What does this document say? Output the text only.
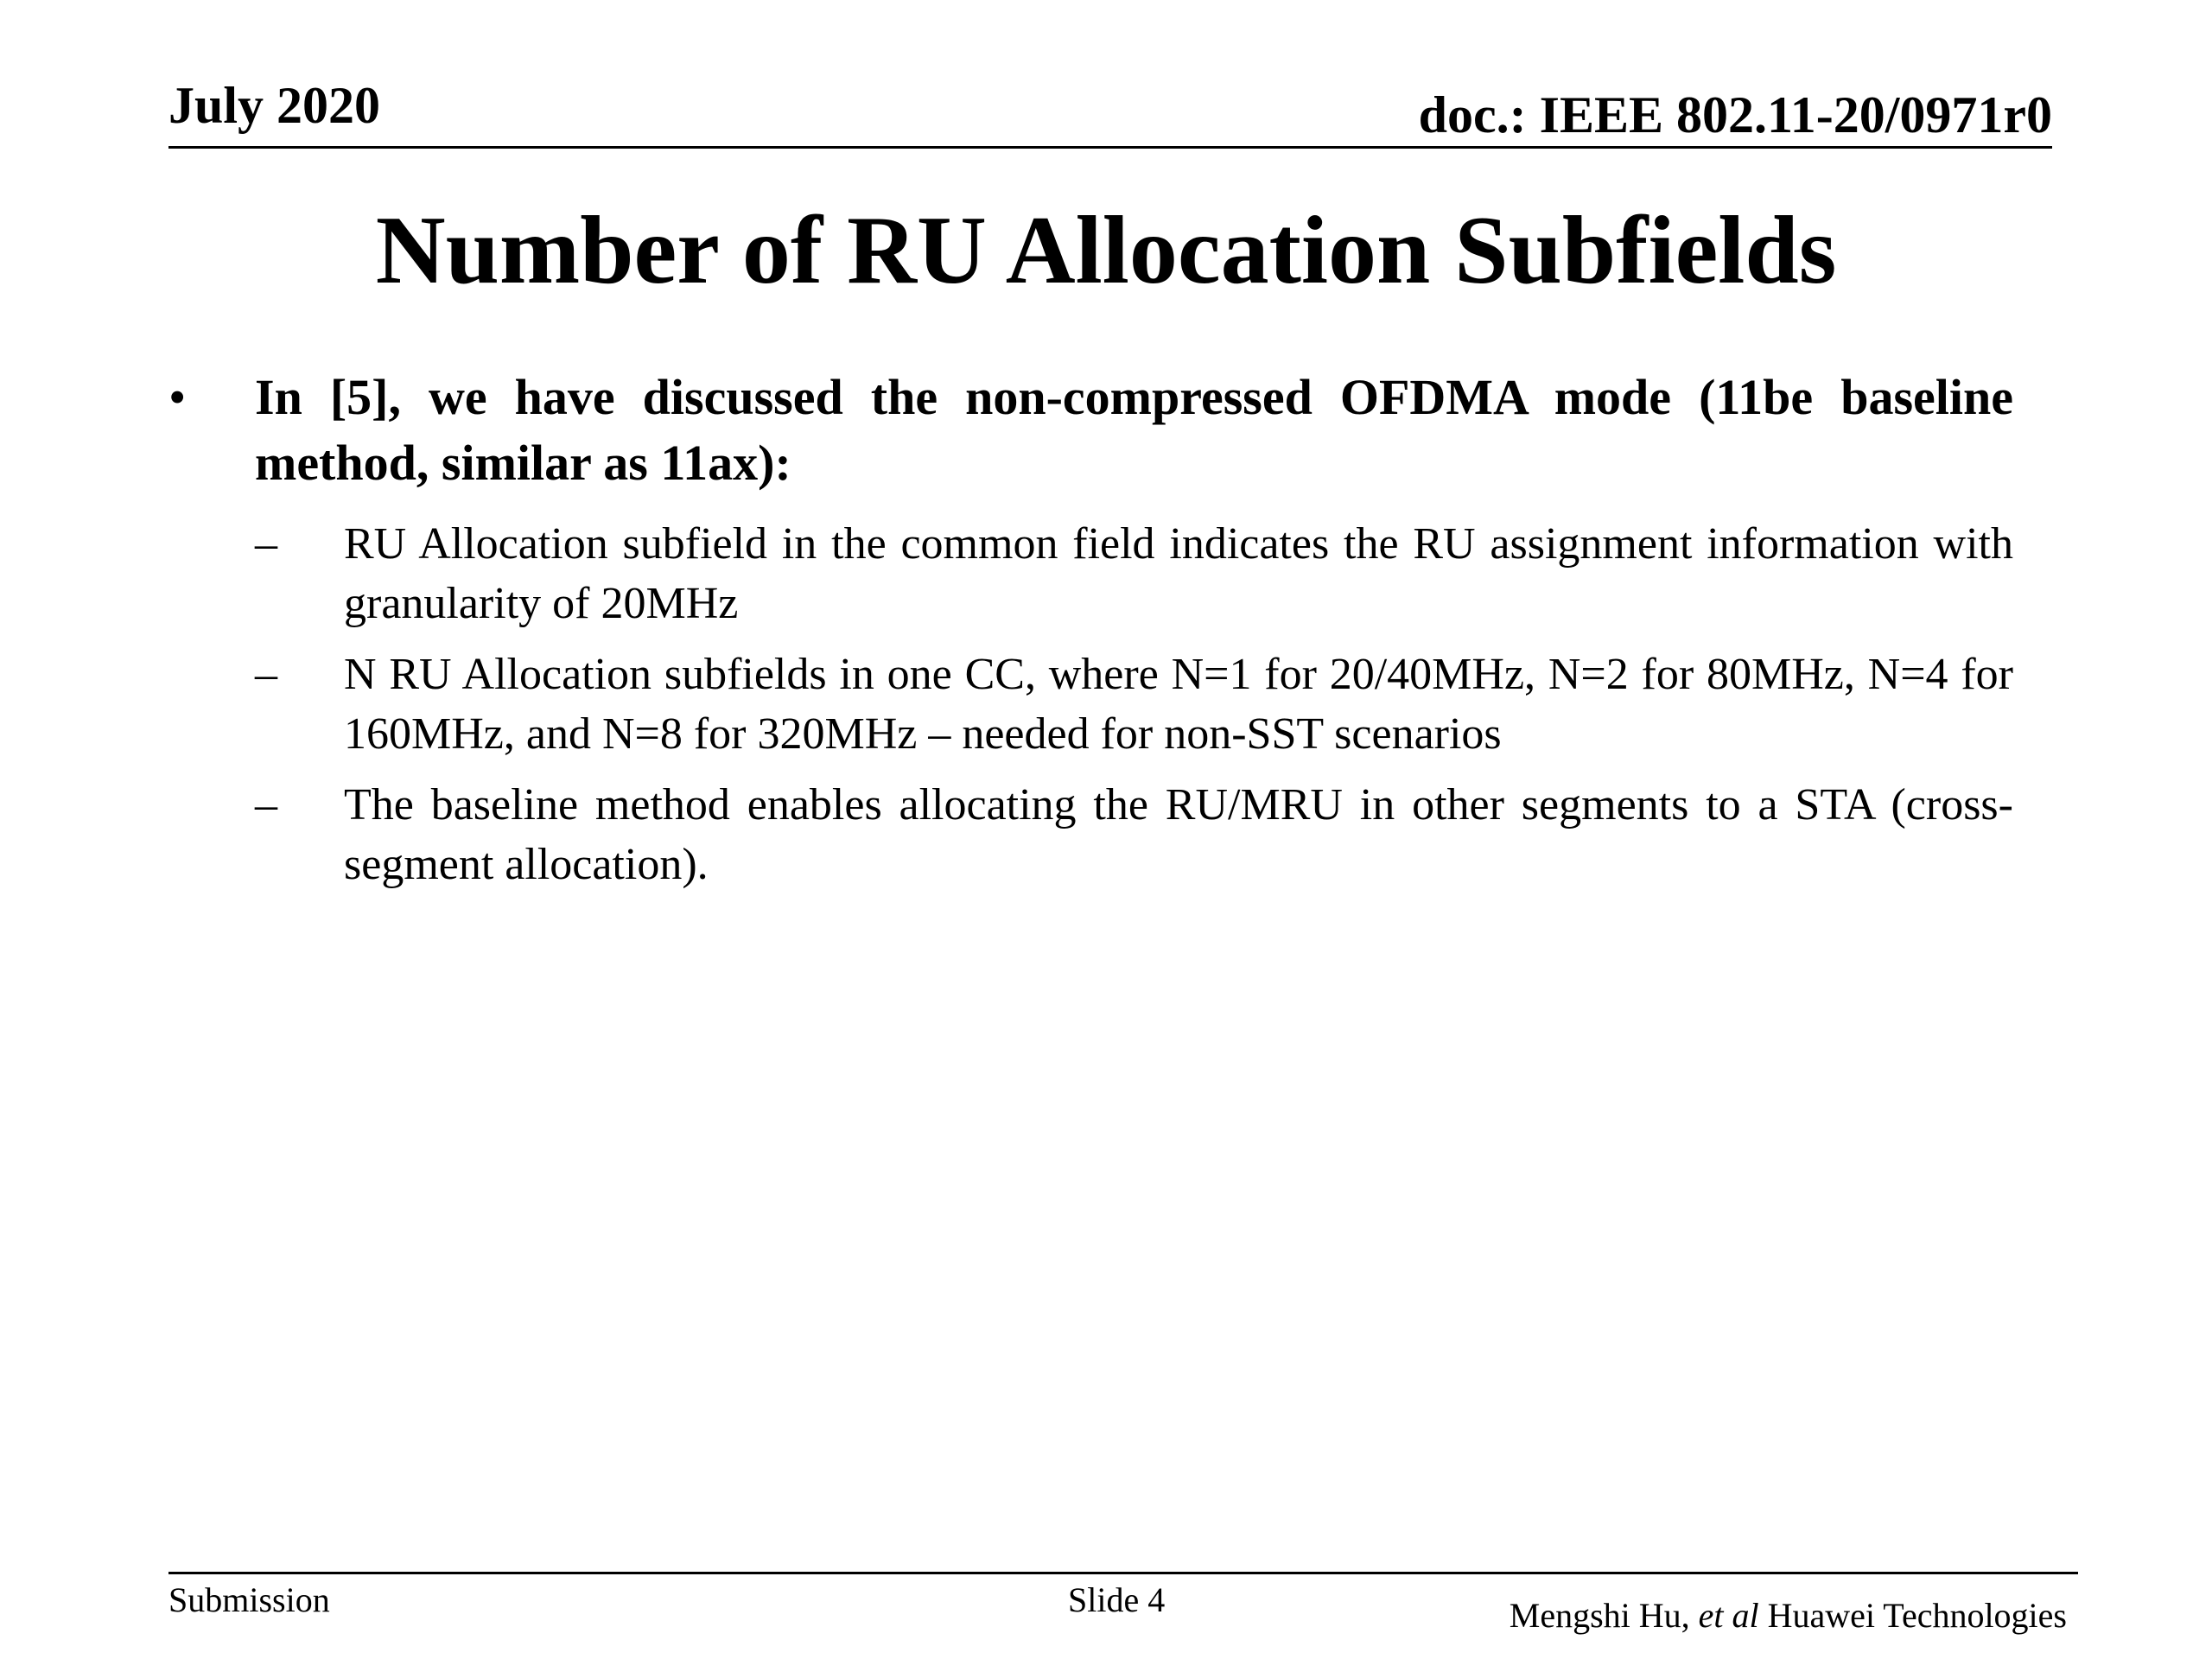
July 2020	doc.: IEEE 802.11-20/0971r0
Number of RU Allocation Subfields
• In [5], we have discussed the non-compressed OFDMA mode (11be baseline method, similar as 11ax):
– RU Allocation subfield in the common field indicates the RU assignment information with granularity of 20MHz
– N RU Allocation subfields in one CC, where N=1 for 20/40MHz, N=2 for 80MHz, N=4 for 160MHz, and N=8 for 320MHz – needed for non-SST scenarios
– The baseline method enables allocating the RU/MRU in other segments to a STA (cross-segment allocation).
Submission	Slide 4	Mengshi Hu, et al Huawei Technologies
